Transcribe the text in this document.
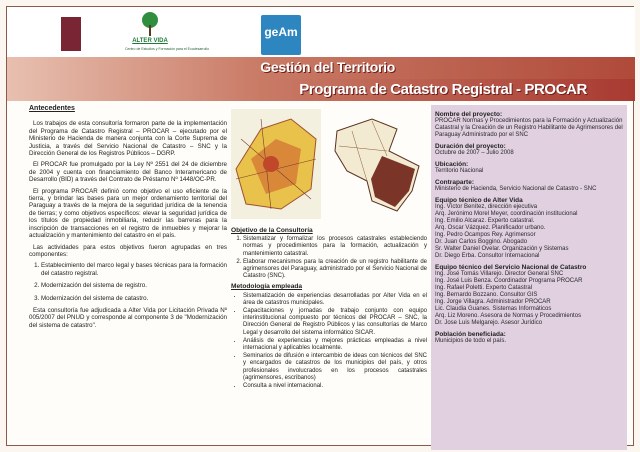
ALTER VIDA
Centro de Estudios y Formación para el Ecodesarrollo
geAm
Gestión del Territorio
Programa de Catastro Registral - PROCAR
Antecedentes

Los trabajos de esta consultoría formaron parte de la implementación del Programa de Catastro Registral – PROCAR – ejecutado por el Ministerio de Hacienda de manera conjunta con la Corte Suprema de Justicia, a través del Servicio Nacional de Catastro – SNC y la Dirección General de los Registros Públicos – DGRP.

El PROCAR fue promulgado por la Ley Nº 2551 del 24 de diciembre de 2004 y cuenta con financiamiento del Banco Interamericano de Desarrollo (BID) a través del Contrato de Préstamo Nº 1448/OC-PR.

El programa PROCAR definió como objetivo el uso eficiente de la tierra, y brindar las bases para un mejor ordenamiento territorial del Paraguay a través de la mejora de la seguridad jurídica de la tenencia de tierras; y como objetivos específicos: elevar la seguridad jurídica de los títulos de propiedad inmobiliaria, reducir las barreras para la inscripción de transacciones en el registro de inmuebles y mejorar la actualización y mantenimiento del catastro en el país.

Las actividades para estos objetivos fueron agrupadas en tres componentes:

1. Establecimiento del marco legal y bases técnicas para la formación del catastro registral.
2. Modernización del sistema de registro.
3. Modernización del sistema de catastro.

Esta consultoría fue adjudicada a Alter Vida por Licitación Privada Nº 005/2007 del PNUD y corresponde al componente 3 de "Modernización del sistema de catastro".

Objetivo de la Consultoría
1. Sistematizar y formalizar los procesos catastrales estableciendo normas y procedimientos para la formación, actualización y mantenimiento catastral.
2. Elaborar mecanismos para la creación de un registro habilitante de agrimensores del Paraguay, administrado por el Servicio Nacional de Catastro (SNC).
Metodología empleada
• Sistematización de experiencias desarrolladas por Alter Vida en el área de catastros municipales.
• Capacitaciones y jornadas de trabajo conjunto con equipo interinstitucional compuesto por técnicos del PROCAR – SNC, la Dirección General de Registro Públicos y las consultorías de Marco Legal y desarrollo del sistema informático SICAR.
• Análisis de experiencias y mejores prácticas empleadas a nivel internacional y aplicables localmente.
• Seminarios de difusión e intercambio de ideas con técnicos del SNC y encargados de catastros de los municipios del país, y otros profesionales involucrados en los procesos catastrales (agrimensores, escribanos)
• Consulta a nivel internacional.
Nombre del proyecto:
PROCAR Normas y Procedimientos para la Formación y Actualización Catastral y la Creación de un Registro Habilitante de Agrimensores del Paraguay Administrado por el SNC
Duración del proyecto:
Octubre de 2007 – Julio 2008
Ubicación:
Territorio Nacional
Contraparte:
Ministerio de Hacienda, Servicio Nacional de Catastro - SNC
Equipo técnico de Alter Vida
Ing. Víctor Benítez, dirección ejecutiva
Arq. Jerónimo Morel Meyer, coordinación institucional
Ing. Emilio Alcaraz. Experto catastral.
Arq. Oscar Vázquez. Planificador urbano.
Ing. Pedro Ocampos Rey. Agrimensor
Dr. Juan Carlos Boggino. Abogado
Sr. Walter Daniel Ovelar. Organización y Sistemas
Dr. Diego Erba. Consultor Internacional
Equipo técnico del Servicio Nacional de Catastro
Ing. José Tomás Villarejo. Director General SNC
Ing. José Luis Benza. Coordinador Programa PROCAR
Ing. Rafael Poletti. Experto Catastral
Ing. Bernardo Bozzano. Consultor GIS
Ing. Jorge Villagra. Administrador PROCAR
Lic. Claudia Guanes. Sistemas Informáticos
Arq. Liz Moreno. Asesora de Normas y Procedimientos
Dr. Jose Luis Melgarejo. Asesor Jurídico
Población beneficiada:
Municipios de todo el país.
